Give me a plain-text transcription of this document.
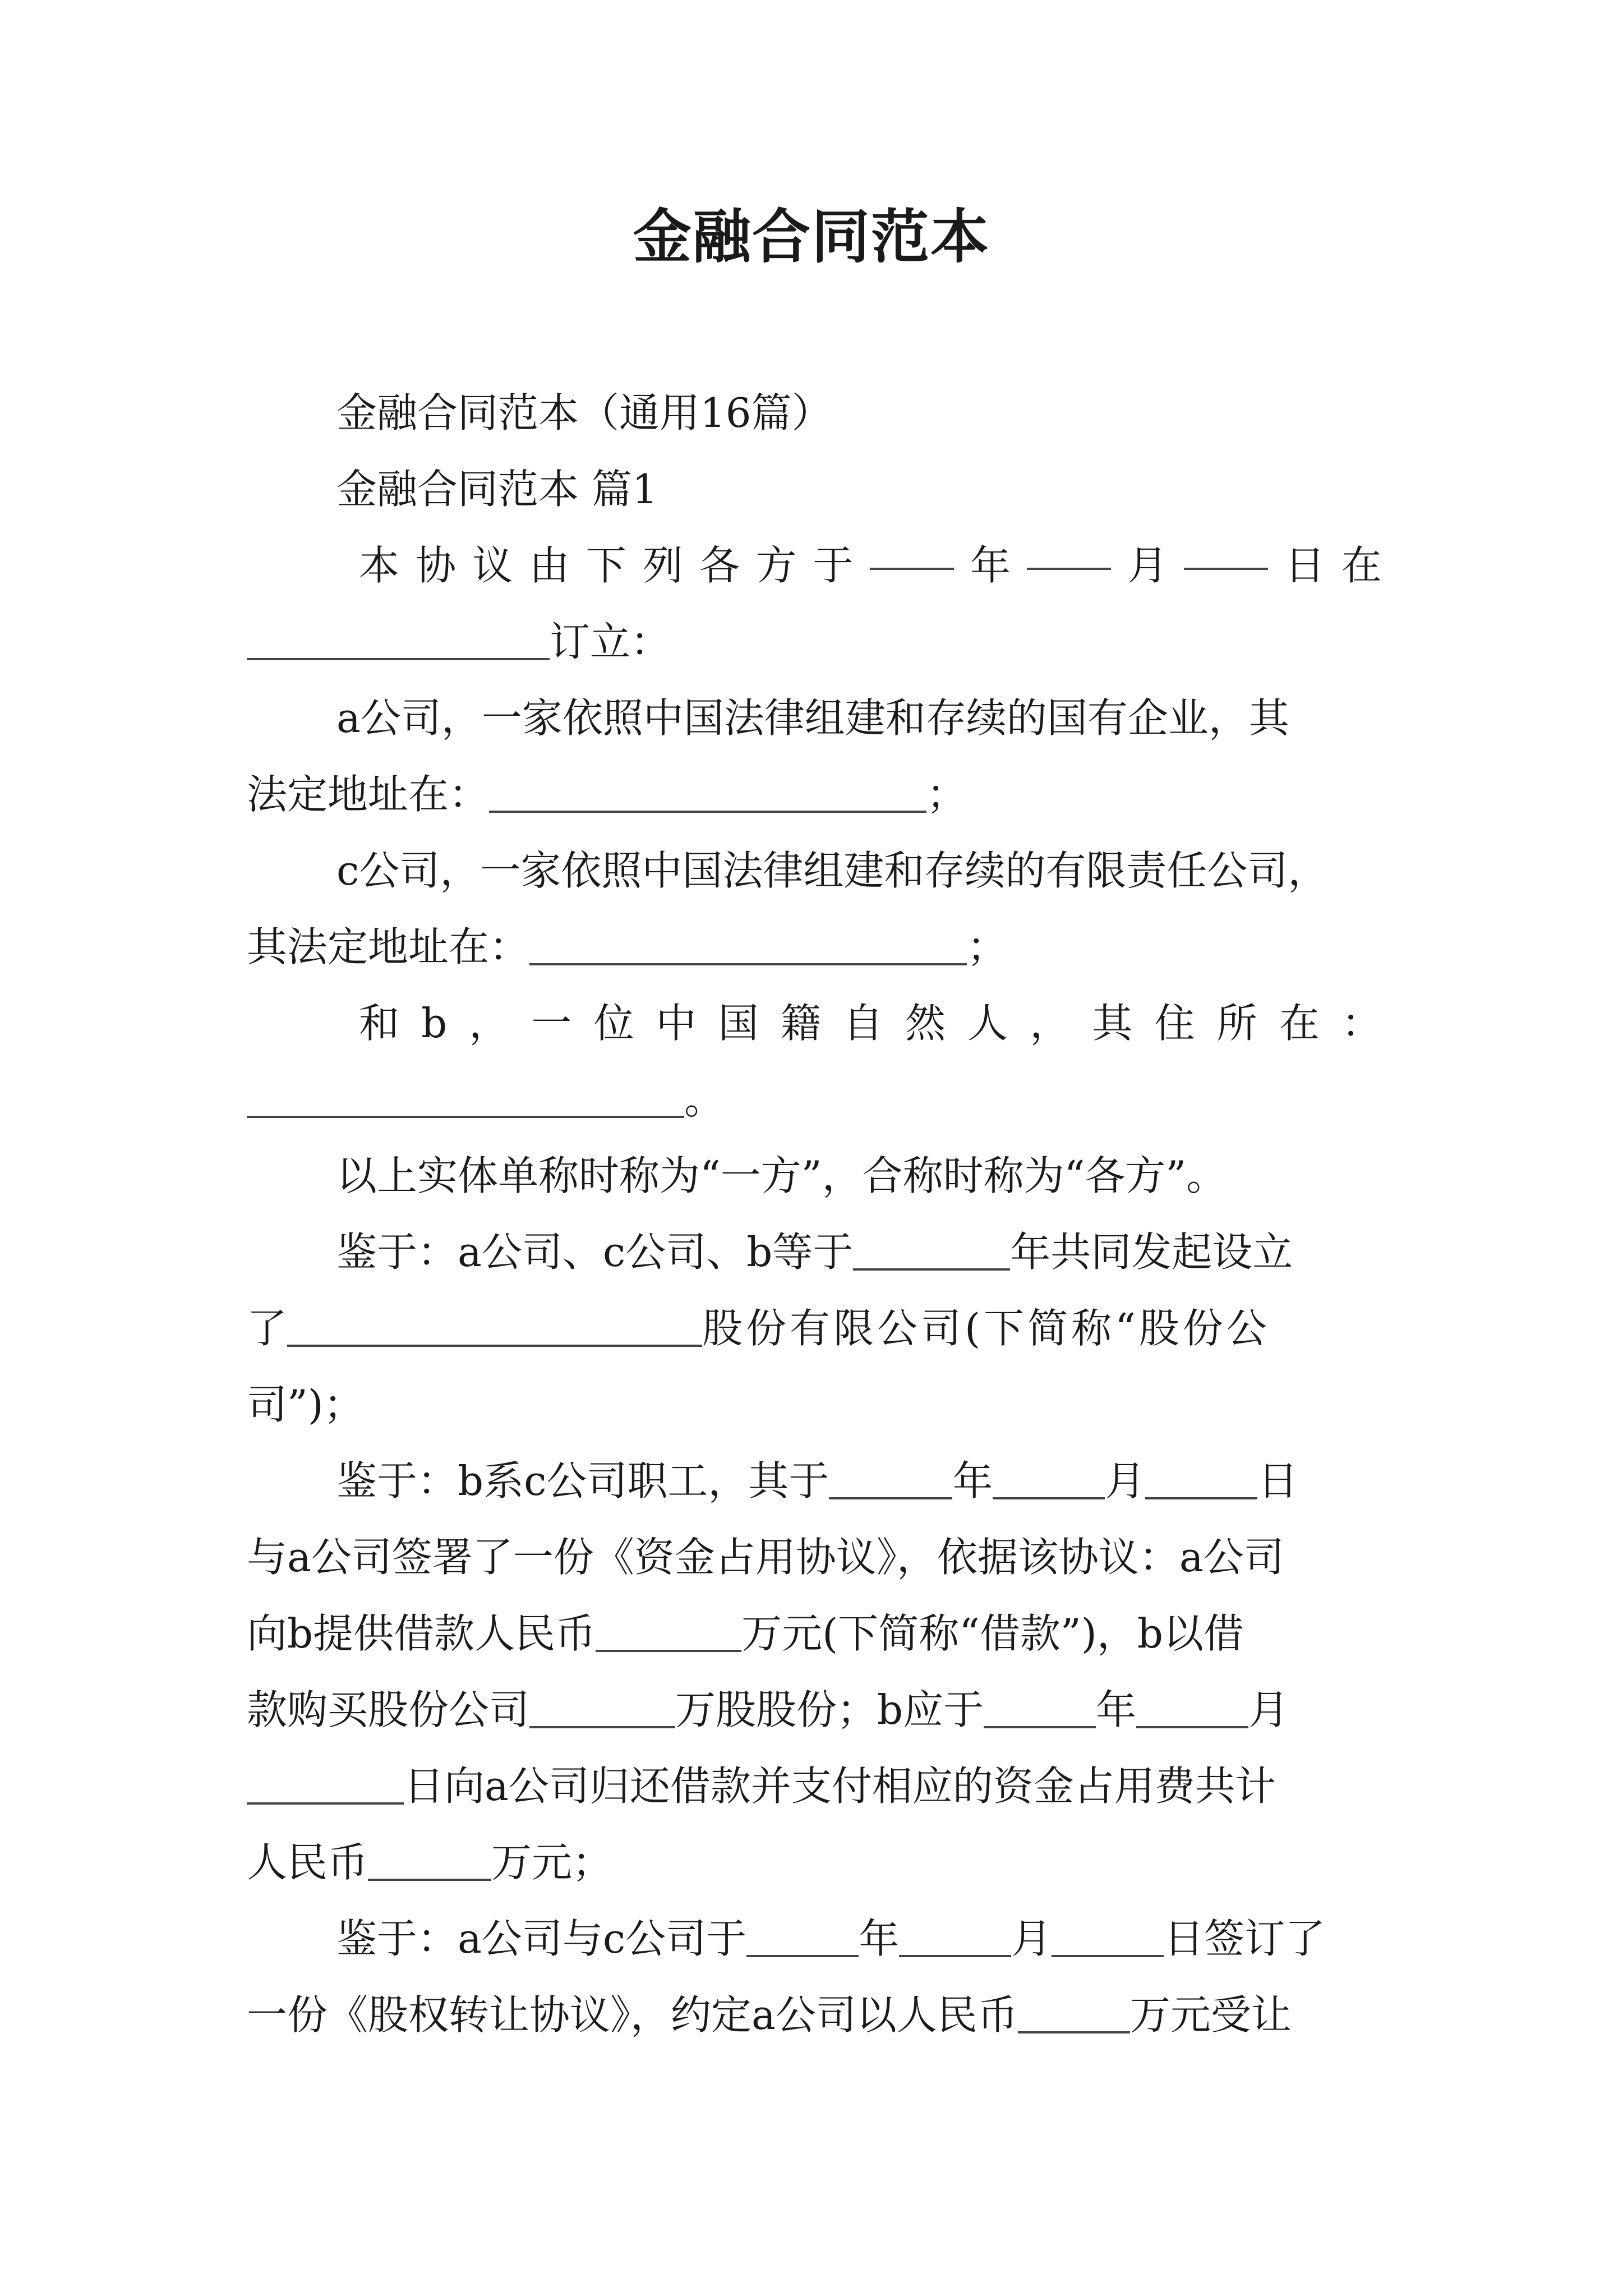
金融合同范本
金融合同范本（通用16篇）
金融合同范本 篇1
本 协 议 由 下 列 各 方 于	年	月	日 在
订立：
a公司，一家依照中国法律组建和存续的国有企业，其
法定地址在：	；
c公司，一家依照中国法律组建和存续的有限责任公司，
其法定地址在：	；
和 b ， 一 位 中 国 籍 自 然 人 ， 其 住 所 在 ：
。
以上实体单称时称为“一方”，合称时称为“各方”。
鉴于：a公司、c公司、b等于	年共同发起设立
了	股份有限公司(下简称“股份公
司”)；
鉴于：b系c公司职工，其于	年	月	日
与a公司签署了一份《资金占用协议》，依据该协议：a公司
向b提供借款人民币	万元(下简称“借款”)，b以借
款购买股份公司	万股股份；b应于	年	月
日向a公司归还借款并支付相应的资金占用费共计
人民币	万元；
鉴于：a公司与c公司于	年	月	日签订了
一份《股权转让协议》，约定a公司以人民币	万元受让
